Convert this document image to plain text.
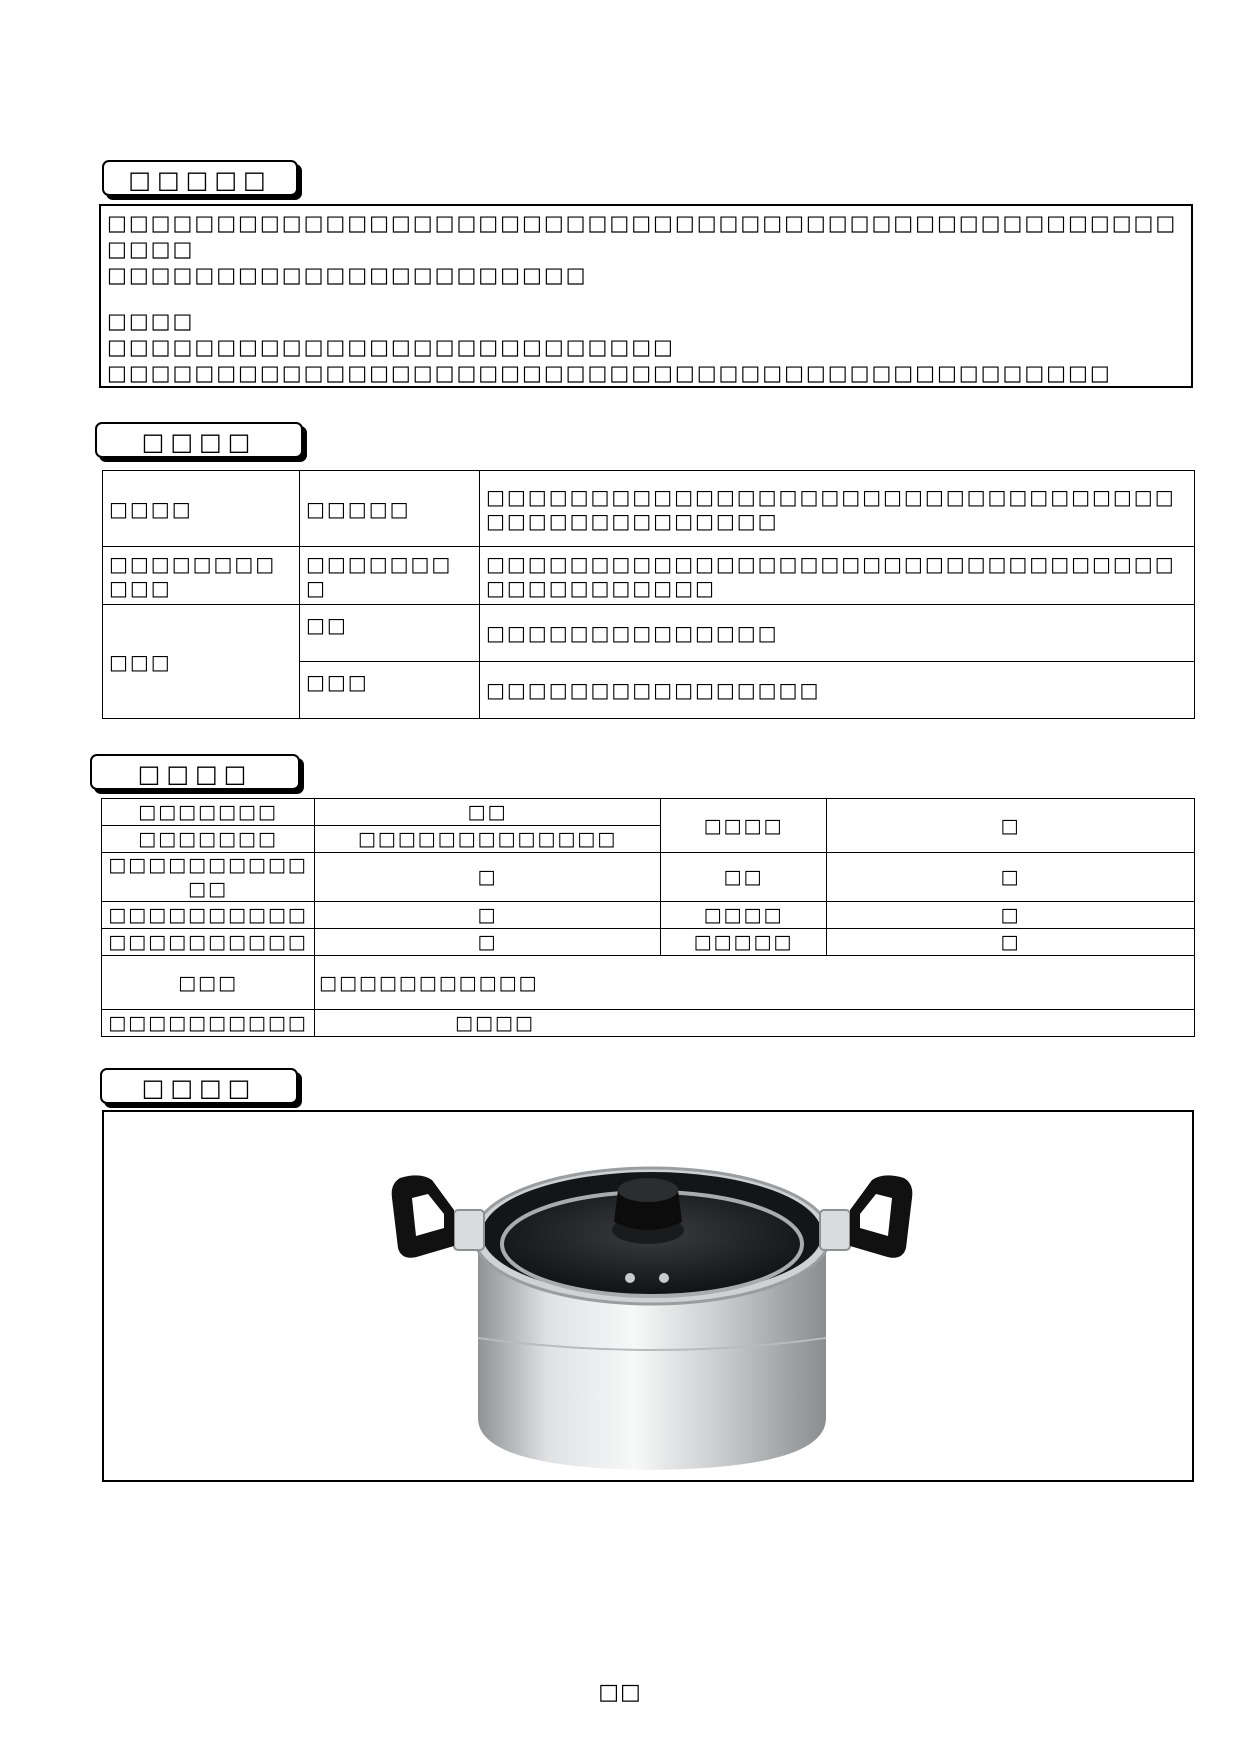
□□□□□

□□□□□□□□□□□□□□□□□□□□□□□□□□□□□□□□□□□□□□□□□□□□□□□□□□□□□

□□□□□□□□□□□□□□□□□□□□□□

□□□□

□□□□□□□□□□□□□□□□□□□□□□□□□□

□□□□□□□□□□□□□□□□□□□□□□□□□□□□□□□□□□□□□□□□□□□□□□

□□□□
□□□□	□□□□□	□□□□□□□□□□□□□□□□□□□□□□□□□□□□□□□□□□□□□□□□□□□□□□□
□□□□□□□□□□□	□□□□□□□□	□□□□□□□□□□□□□□□□□□□□□□□□□□□□□□□□□□□□□□□□□□□□
□□□	□□	□□□□□□□□□□□□□□
	□□□	□□□□□□□□□□□□□□□□
□□□□
□□□□□□□	□□	□□□□	□
□□□□□□□	□□□□□□□□□□□□□		
□□□□□□□□□□□□	□	□□	□
□□□□□□□□□□	□	□□□□	□
□□□□□□□□□□	□	□□□□□	□
□□□	□□□□□□□□□□□		
□□□□□□□□□□	□□□□		
□□□□
□□
